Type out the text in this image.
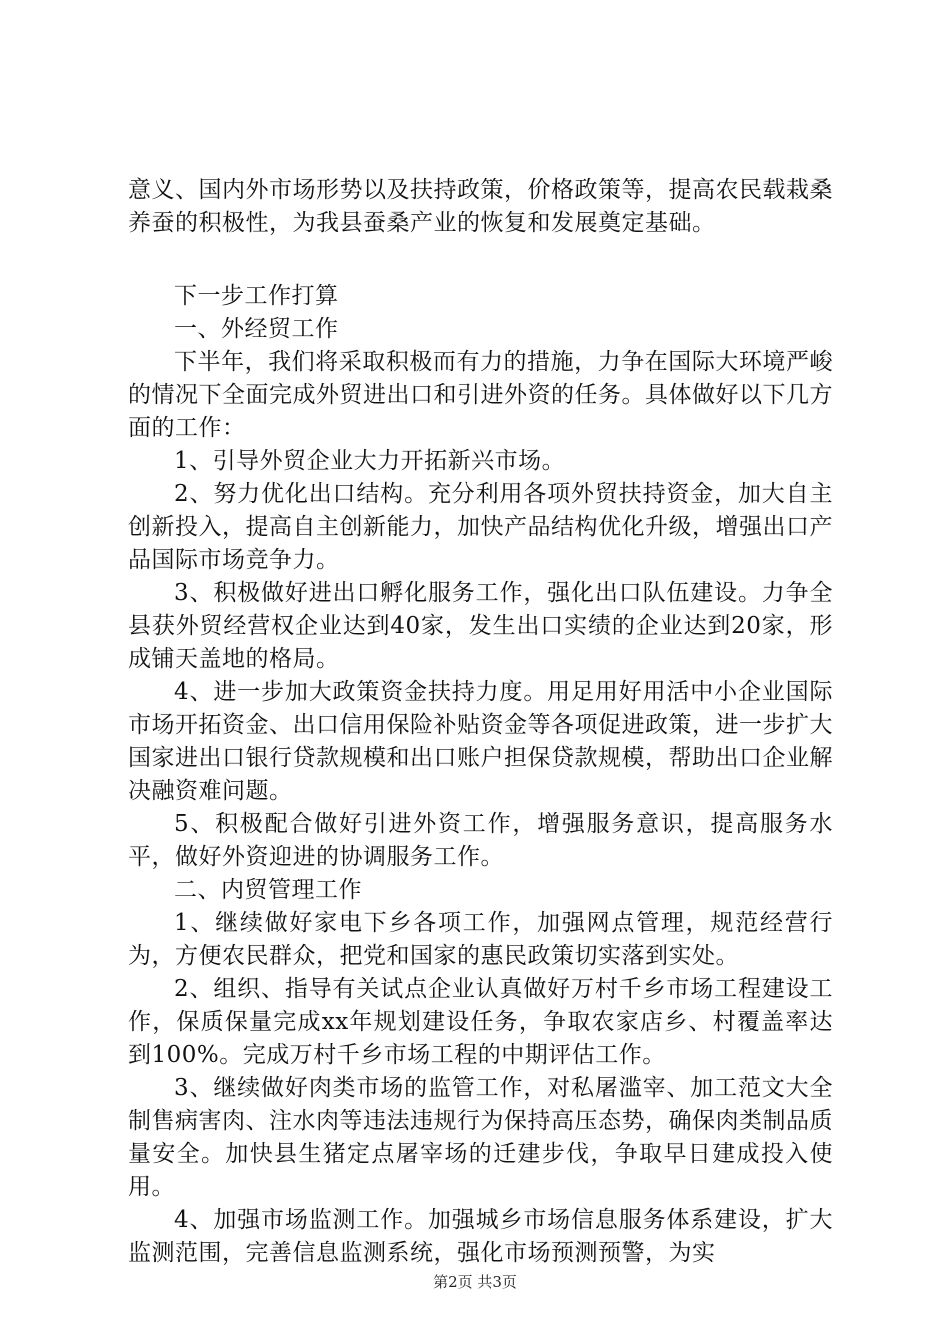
意义、国内外市场形势以及扶持政策，价格政策等，提高农民载栽桑养蚕的积极性，为我县蚕桑产业的恢复和发展奠定基础。

下一步工作打算

一、外经贸工作

下半年，我们将采取积极而有力的措施，力争在国际大环境严峻的情况下全面完成外贸进出口和引进外资的任务。具体做好以下几方面的工作：

1、引导外贸企业大力开拓新兴市场。

2、努力优化出口结构。充分利用各项外贸扶持资金，加大自主创新投入，提高自主创新能力，加快产品结构优化升级，增强出口产品国际市场竞争力。

3、积极做好进出口孵化服务工作，强化出口队伍建设。力争全县获外贸经营权企业达到40家，发生出口实绩的企业达到20家，形成铺天盖地的格局。

4、进一步加大政策资金扶持力度。用足用好用活中小企业国际市场开拓资金、出口信用保险补贴资金等各项促进政策，进一步扩大国家进出口银行贷款规模和出口账户担保贷款规模，帮助出口企业解决融资难问题。

5、积极配合做好引进外资工作，增强服务意识，提高服务水平，做好外资迎进的协调服务工作。

二、内贸管理工作

1、继续做好家电下乡各项工作，加强网点管理，规范经营行为，方便农民群众，把党和国家的惠民政策切实落到实处。

2、组织、指导有关试点企业认真做好万村千乡市场工程建设工作，保质保量完成xx年规划建设任务，争取农家店乡、村覆盖率达到100%。完成万村千乡市场工程的中期评估工作。

3、继续做好肉类市场的监管工作，对私屠滥宰、加工范文大全制售病害肉、注水肉等违法违规行为保持高压态势，确保肉类制品质量安全。加快县生猪定点屠宰场的迁建步伐，争取早日建成投入使用。

4、加强市场监测工作。加强城乡市场信息服务体系建设，扩大监测范围，完善信息监测系统，强化市场预测预警，为实

第2页 共3页
